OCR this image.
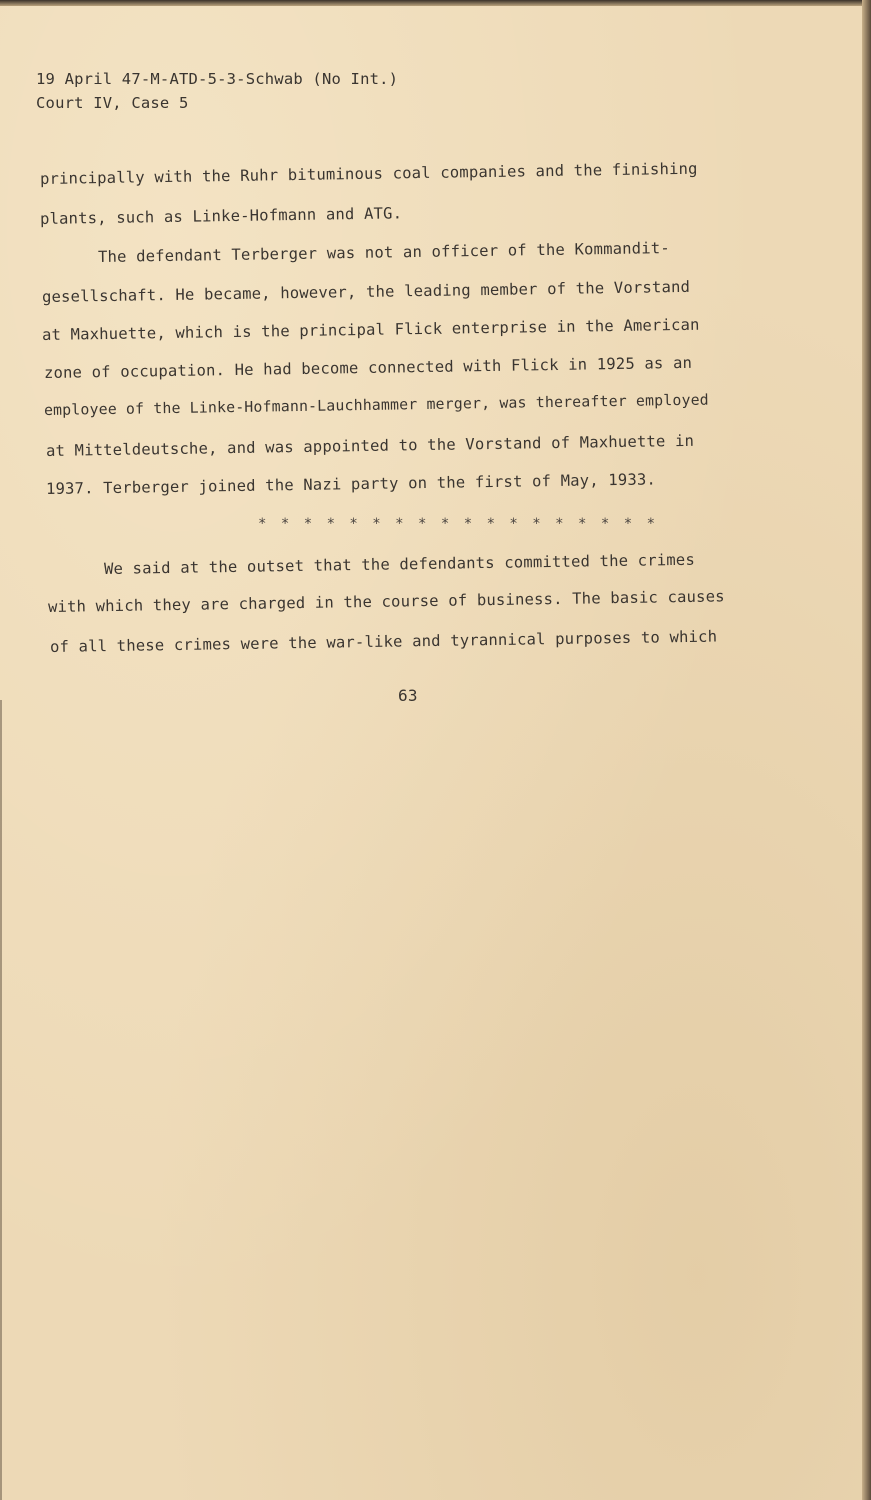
19 April 47-M-ATD-5-3-Schwab (No Int.)
Court IV, Case 5
principally with the Ruhr bituminous coal companies and the finishing
plants, such as Linke-Hofmann and ATG.
The defendant Terberger was not an officer of the Kommandit-
gesellschaft. He became, however, the leading member of the Vorstand
at Maxhuette, which is the principal Flick enterprise in the American
zone of occupation. He had become connected with Flick in 1925 as an
employee of the Linke-Hofmann-Lauchhammer merger, was thereafter employed
at Mitteldeutsche, and was appointed to the Vorstand of Maxhuette in
1937. Terberger joined the Nazi party on the first of May, 1933.
* * * * * * * * * * * * * * * * * *
We said at the outset that the defendants committed the crimes
with which they are charged in the course of business. The basic causes
of all these crimes were the war-like and tyrannical purposes to which
63
